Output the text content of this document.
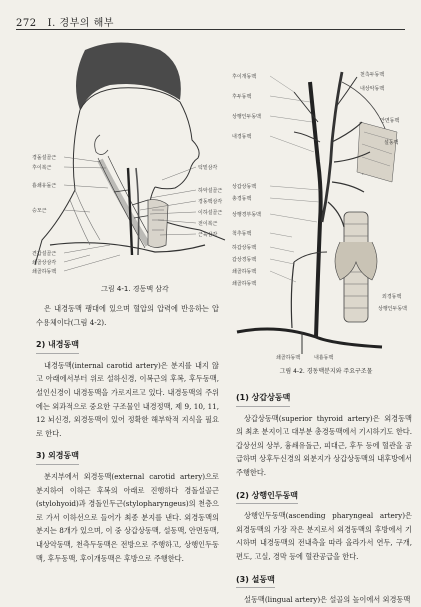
272 I. 경부의 해부
경돌설골근
후이복근
흉쇄유돌근
승모근
견갑설골근
쇄골상삼각
쇄골하동맥
턱밑삼각
하악설골근
경동맥삼각
이하설골근
전이복근
근육삼각
그림 4-1. 경동맥 삼각
후이개동맥
후두동맥
상행인두동맥
내경동맥
상갑상동맥
총경동맥
상행경부동맥
척추동맥
하갑상동맥
갑상경동맥
쇄골하동맥
쇄골하동맥
천측두동맥
내상악동맥
안면동맥
설동맥
외경동맥
상행인두동맥
쇄골하동맥	내흉동맥
그림 4-2. 경동맥분지와 주요구조물

은 내경동맥 팽대에 있으며 혈압의 압력에 반응하는 압수용체이다(그림 4-2).

2) 내경동맥

내경동맥(internal carotid artery)은 분지를 내지 않고 아래에서부터 위로 설하신경, 이복근의 후복, 후두동맥, 설인신경이 내경동맥을 가로지르고 있다. 내경동맥의 주위에는 외과적으로 중요한 구조물인 내경정맥, 제 9, 10, 11, 12 뇌신경, 외경동맥이 있어 정확한 해부학적 지식을 필요로 한다.

3) 외경동맥

분지부에서 외경동맥(external carotid artery)으로 분지하여 이하근 후복의 아래로 진행하다 경돌설골근(stylohyoid)과 경돌인두근(stylopharyngeus)의 천층으로 가서 이하선으로 들어가 최종 분지를 낸다. 외경동맥의 분지는 8개가 있으며, 이 중 상갑상동맥, 설동맥, 안면동맥, 내상악동맥, 천측두동맥은 전방으로 주행하고, 상행인두동맥, 후두동맥, 후이개동맥은 후방으로 주행한다.

(1) 상갑상동맥

상갑상동맥(superior thyroid artery)은 외경동맥의 최초 분지이고 대부분 총경동맥에서 기시하기도 한다. 갑상선의 상부, 흉쇄유돌근, 피대근, 후두 등에 혈관을 공급하며 상후두신경의 외분지가 상갑상동맥의 내후방에서 주행한다.

(2) 상행인두동맥

상행인두동맥(ascending pharyngeal artery)은 외경동맥의 가장 작은 분지로서 외경동맥의 후방에서 기시하며 내경동맥의 전내측을 따라 올라가서 연두, 구개, 편도, 고실, 경막 등에 혈관공급을 한다.

(3) 설동맥

설동맥(lingual artery)은 설골의 높이에서 외경동맥
